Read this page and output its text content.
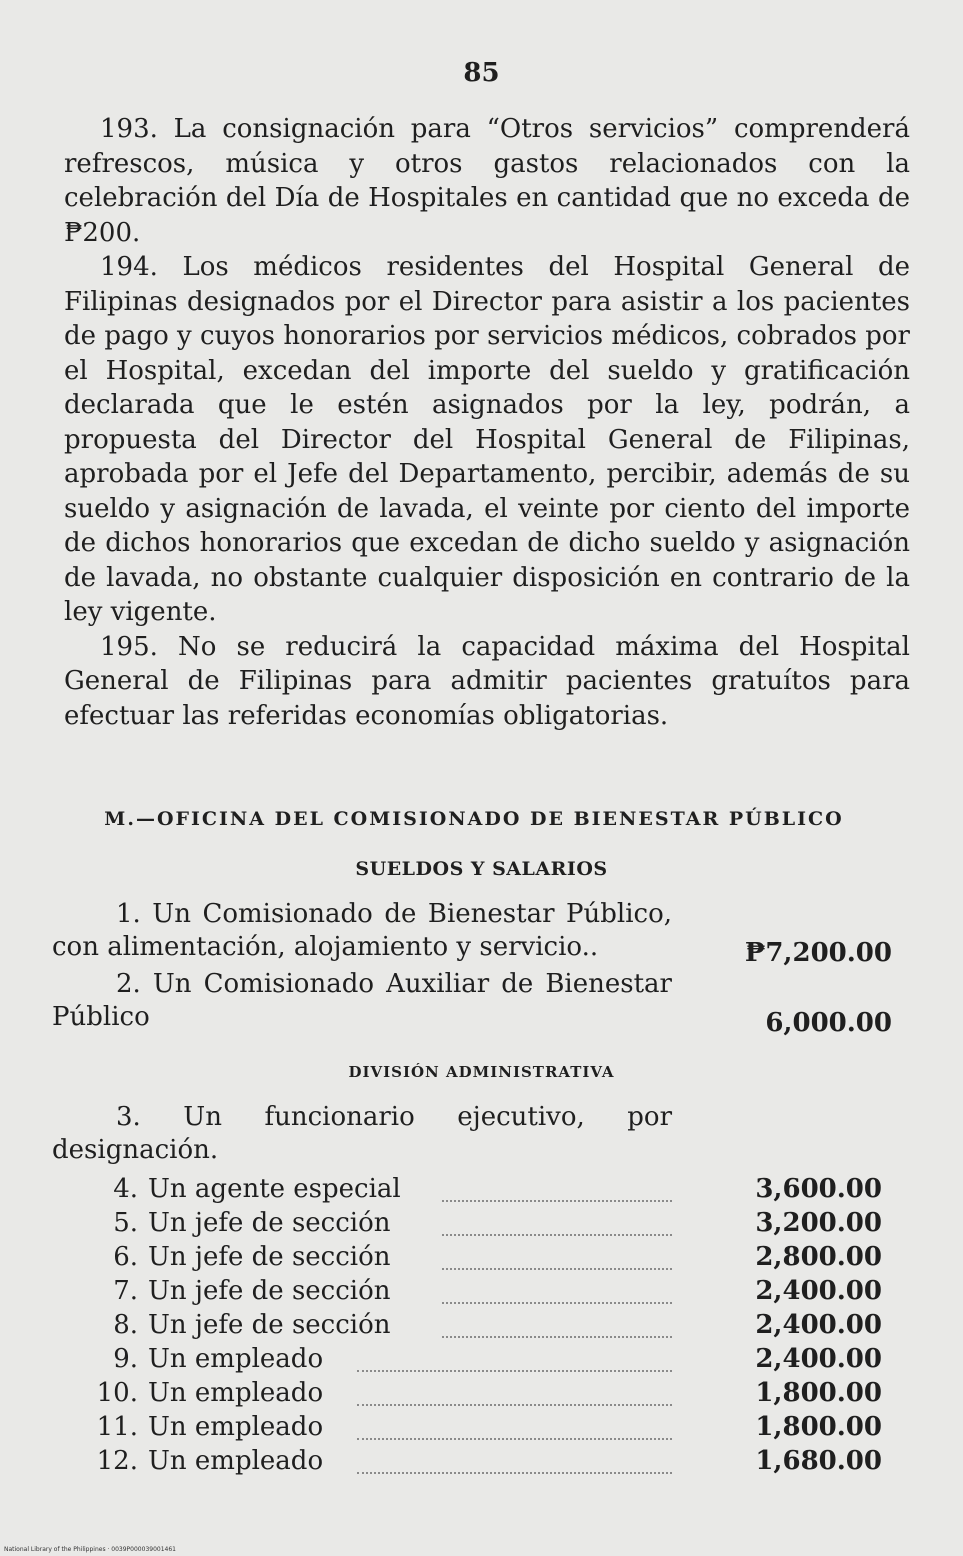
85

193. La consignación para “Otros servicios” comprenderá refrescos, música y otros gastos relacionados con la celebración del Día de Hospitales en cantidad que no exceda de ₱200.

194. Los médicos residentes del Hospital General de Filipinas designados por el Director para asistir a los pacientes de pago y cuyos honorarios por servicios médicos, cobrados por el Hospital, excedan del importe del sueldo y gratificación declarada que le estén asignados por la ley, podrán, a propuesta del Director del Hospital General de Filipinas, aprobada por el Jefe del Departamento, percibir, además de su sueldo y asignación de lavada, el veinte por ciento del importe de dichos honorarios que excedan de dicho sueldo y asignación de lavada, no obstante cualquier disposición en contrario de la ley vigente.

195. No se reducirá la capacidad máxima del Hospital General de Filipinas para admitir pacientes gratuítos para efectuar las referidas economías obligatorias.

M.—OFICINA DEL COMISIONADO DE BIENESTAR PÚBLICO
SUELDOS Y SALARIOS
1. Un Comisionado de Bienestar Público, con alimentación, alojamiento y servicio..	₱7,200.00
2. Un Comisionado Auxiliar de Bienestar Público	6,000.00
DIVISIÓN ADMINISTRATIVA
3. Un funcionario ejecutivo, por designación.
4. Un agente especial	3,600.00
5. Un jefe de sección	3,200.00
6. Un jefe de sección	2,800.00
7. Un jefe de sección	2,400.00
8. Un jefe de sección	2,400.00
9. Un empleado	2,400.00
10. Un empleado	1,800.00
11. Un empleado	1,800.00
12. Un empleado	1,680.00
National Library of the Philippines · 0039P000039001461
